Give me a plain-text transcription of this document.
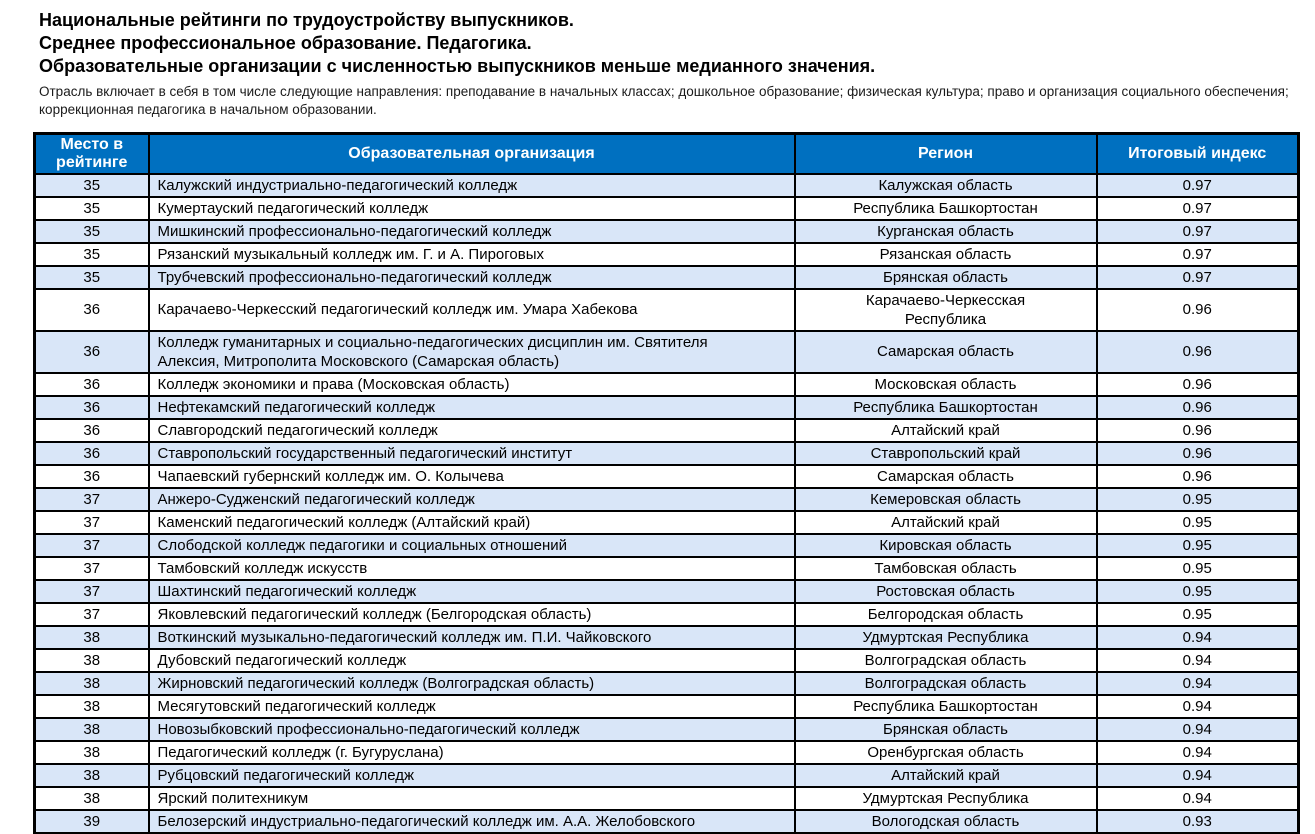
Национальные рейтинги по трудоустройству выпускников.
Среднее профессиональное образование. Педагогика.
Образовательные организации с численностью выпускников меньше медианного значения.
Отрасль включает в себя в том числе следующие направления: преподавание в начальных классах; дошкольное образование; физическая культура; право и организация социального обеспечения; коррекционная педагогика в начальном образовании.
Место в рейтинге	Образовательная организация	Регион	Итоговый индекс
35	Калужский индустриально-педагогический колледж	Калужская область	0.97
35	Кумертауский педагогический колледж	Республика Башкортостан	0.97
35	Мишкинский профессионально-педагогический колледж	Курганская область	0.97
35	Рязанский музыкальный колледж им. Г. и А. Пироговых	Рязанская область	0.97
35	Трубчевский профессионально-педагогический колледж	Брянская область	0.97
36	Карачаево-Черкесский педагогический колледж им. Умара Хабекова	Карачаево-Черкесская Республика	0.96
36	Колледж гуманитарных и социально-педагогических дисциплин им. Святителя Алексия, Митрополита Московского (Самарская область)	Самарская область	0.96
36	Колледж экономики и права (Московская область)	Московская область	0.96
36	Нефтекамский педагогический колледж	Республика Башкортостан	0.96
36	Славгородский педагогический колледж	Алтайский край	0.96
36	Ставропольский государственный педагогический институт	Ставропольский край	0.96
36	Чапаевский губернский колледж им. О. Колычева	Самарская область	0.96
37	Анжеро-Судженский педагогический колледж	Кемеровская область	0.95
37	Каменский педагогический колледж (Алтайский край)	Алтайский край	0.95
37	Слободской колледж педагогики и социальных отношений	Кировская область	0.95
37	Тамбовский колледж искусств	Тамбовская область	0.95
37	Шахтинский педагогический колледж	Ростовская область	0.95
37	Яковлевский педагогический колледж (Белгородская область)	Белгородская область	0.95
38	Воткинский музыкально-педагогический колледж им. П.И. Чайковского	Удмуртская Республика	0.94
38	Дубовский педагогический колледж	Волгоградская область	0.94
38	Жирновский педагогический колледж (Волгоградская область)	Волгоградская область	0.94
38	Месягутовский педагогический колледж	Республика Башкортостан	0.94
38	Новозыбковский профессионально-педагогический колледж	Брянская область	0.94
38	Педагогический колледж (г. Бугуруслана)	Оренбургская область	0.94
38	Рубцовский педагогический колледж	Алтайский край	0.94
38	Ярский политехникум	Удмуртская Республика	0.94
39	Белозерский индустриально-педагогический колледж им. А.А. Желобовского	Вологодская область	0.93
